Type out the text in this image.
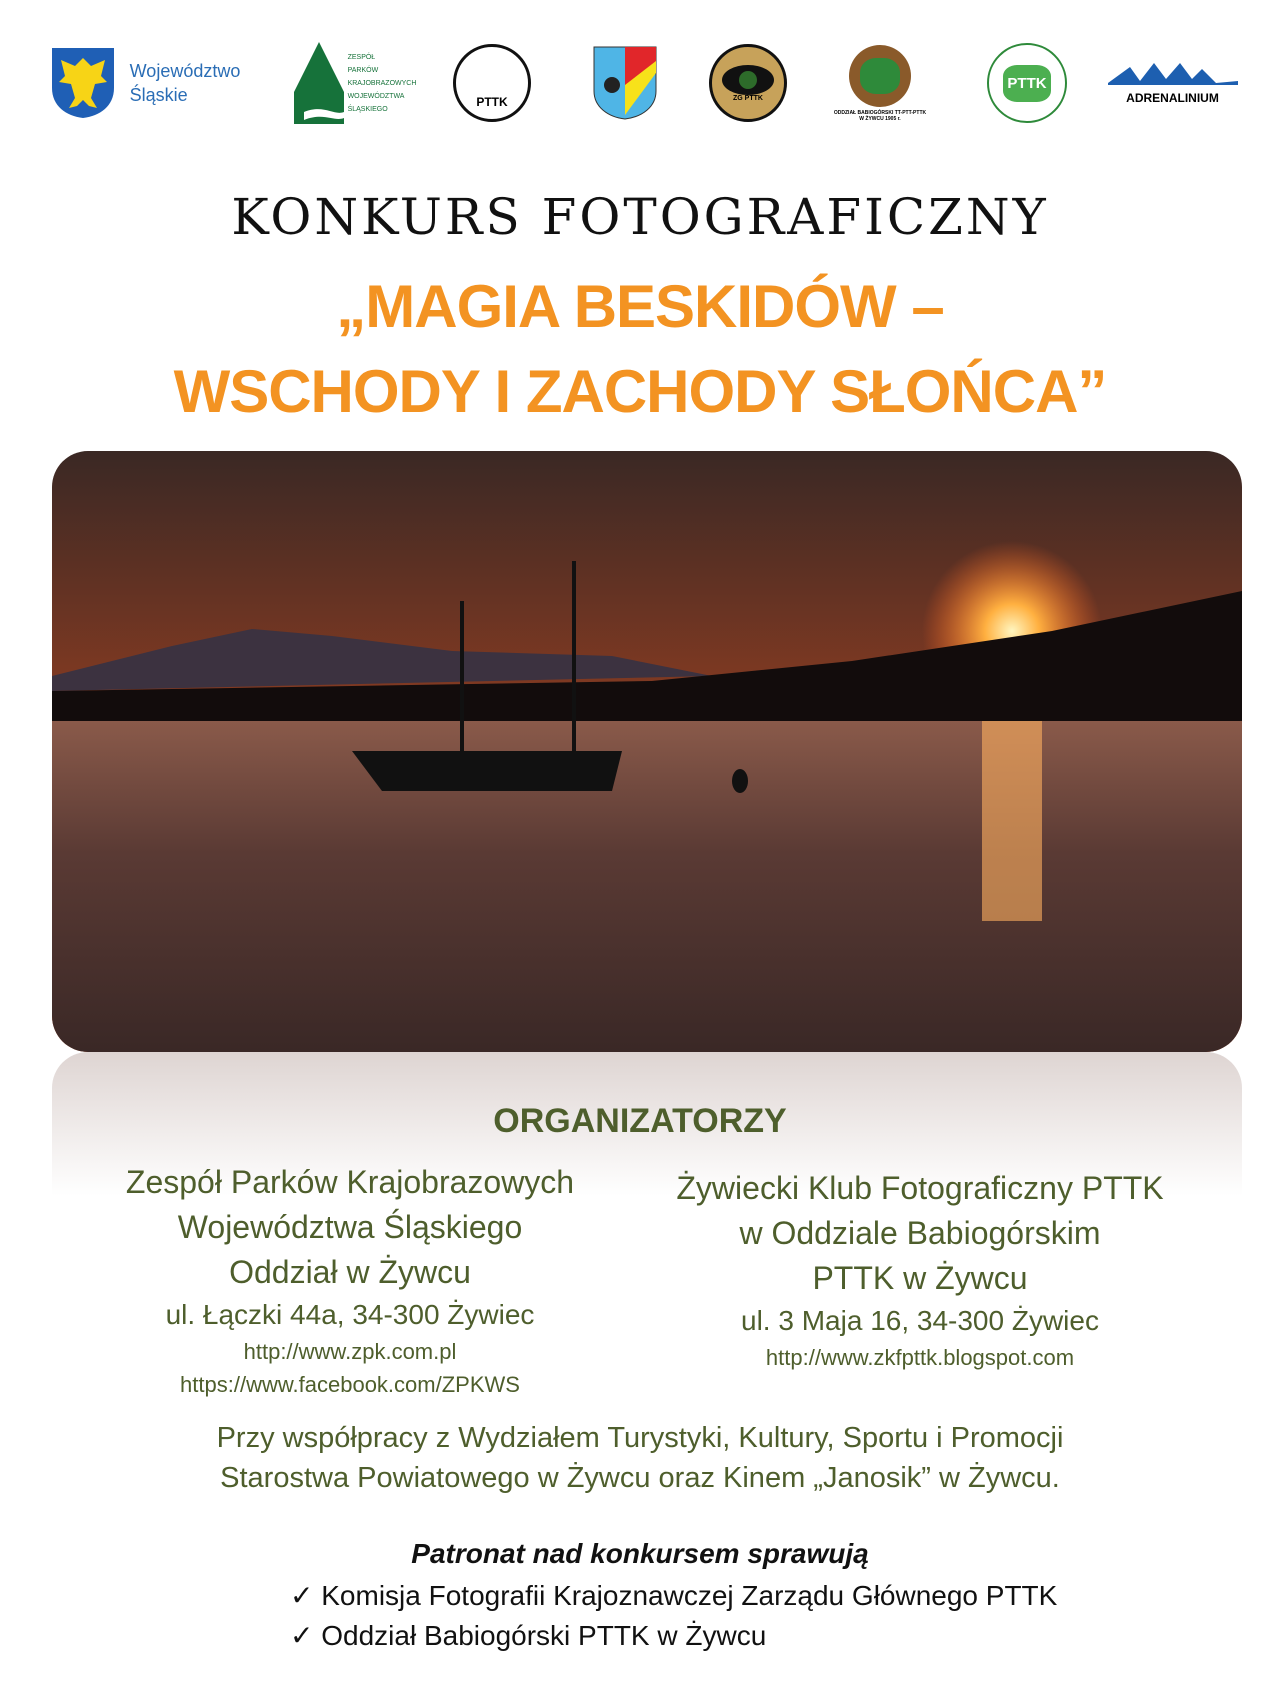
Województwo
Śląskie
ZESPÓŁ
PARKÓW
KRAJOBRAZOWYCH
WOJEWÓDZTWA
ŚLĄSKIEGO	PTTK	ZG PTTK
ODDZIAŁ BABIOGÓRSKI TT-PTT-PTTK
W ŻYWCU 1905 r.
PTTK
ADRENALINIUM
KONKURS FOTOGRAFICZNY
„MAGIA BESKIDÓW –
WSCHODY I ZACHODY SŁOŃCA”
ORGANIZATORZY
Zespół Parków Krajobrazowych
Województwa Śląskiego
Oddział w Żywcu
ul. Łączki 44a, 34-300 Żywiec
http://www.zpk.com.pl
https://www.facebook.com/ZPKWS
Żywiecki Klub Fotograficzny PTTK
w Oddziale Babiogórskim
PTTK w Żywcu
ul. 3 Maja 16, 34-300 Żywiec
http://www.zkfpttk.blogspot.com
Przy współpracy z Wydziałem Turystyki, Kultury, Sportu i Promocji
Starostwa Powiatowego w Żywcu oraz Kinem „Janosik” w Żywcu.
Patronat nad konkursem sprawują
✓ Komisja Fotografii Krajoznawczej Zarządu Głównego PTTK
✓ Oddział Babiogórski PTTK w Żywcu
